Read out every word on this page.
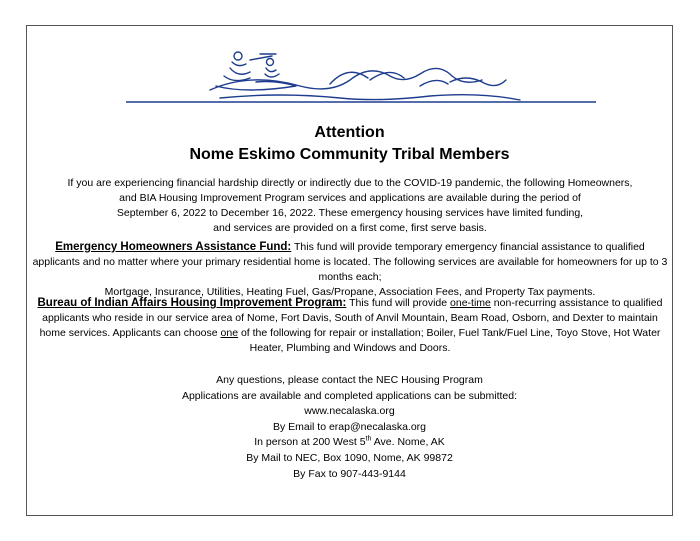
Attention
Nome Eskimo Community Tribal Members

If you are experiencing financial hardship directly or indirectly due to the COVID-19 pandemic, the following Homeowners,

and BIA Housing Improvement Program services and applications are available during the period of

September 6, 2022 to December 16, 2022. These emergency housing services have limited funding,

and services are provided on a first come, first serve basis.

Emergency Homeowners Assistance Fund: This fund will provide temporary emergency financial assistance to qualified applicants and no matter where your primary residential home is located. The following services are available for homeowners for up to 3 months each;

Mortgage, Insurance, Utilities, Heating Fuel, Gas/Propane, Association Fees, and Property Tax payments.

Bureau of Indian Affairs Housing Improvement Program: This fund will provide one-time non-recurring assistance to qualified applicants who reside in our service area of Nome, Fort Davis, South of Anvil Mountain, Beam Road, Osborn, and Dexter to maintain home services. Applicants can choose one of the following for repair or installation; Boiler, Fuel Tank/Fuel Line, Toyo Stove, Hot Water Heater, Plumbing and Windows and Doors.

Any questions, please contact the NEC Housing Program
Applications are available and completed applications can be submitted:
www.necalaska.org
By Email to erap@necalaska.org
In person at 200 West 5th Ave. Nome, AK
By Mail to NEC, Box 1090, Nome, AK 99872
By Fax to 907-443-9144
